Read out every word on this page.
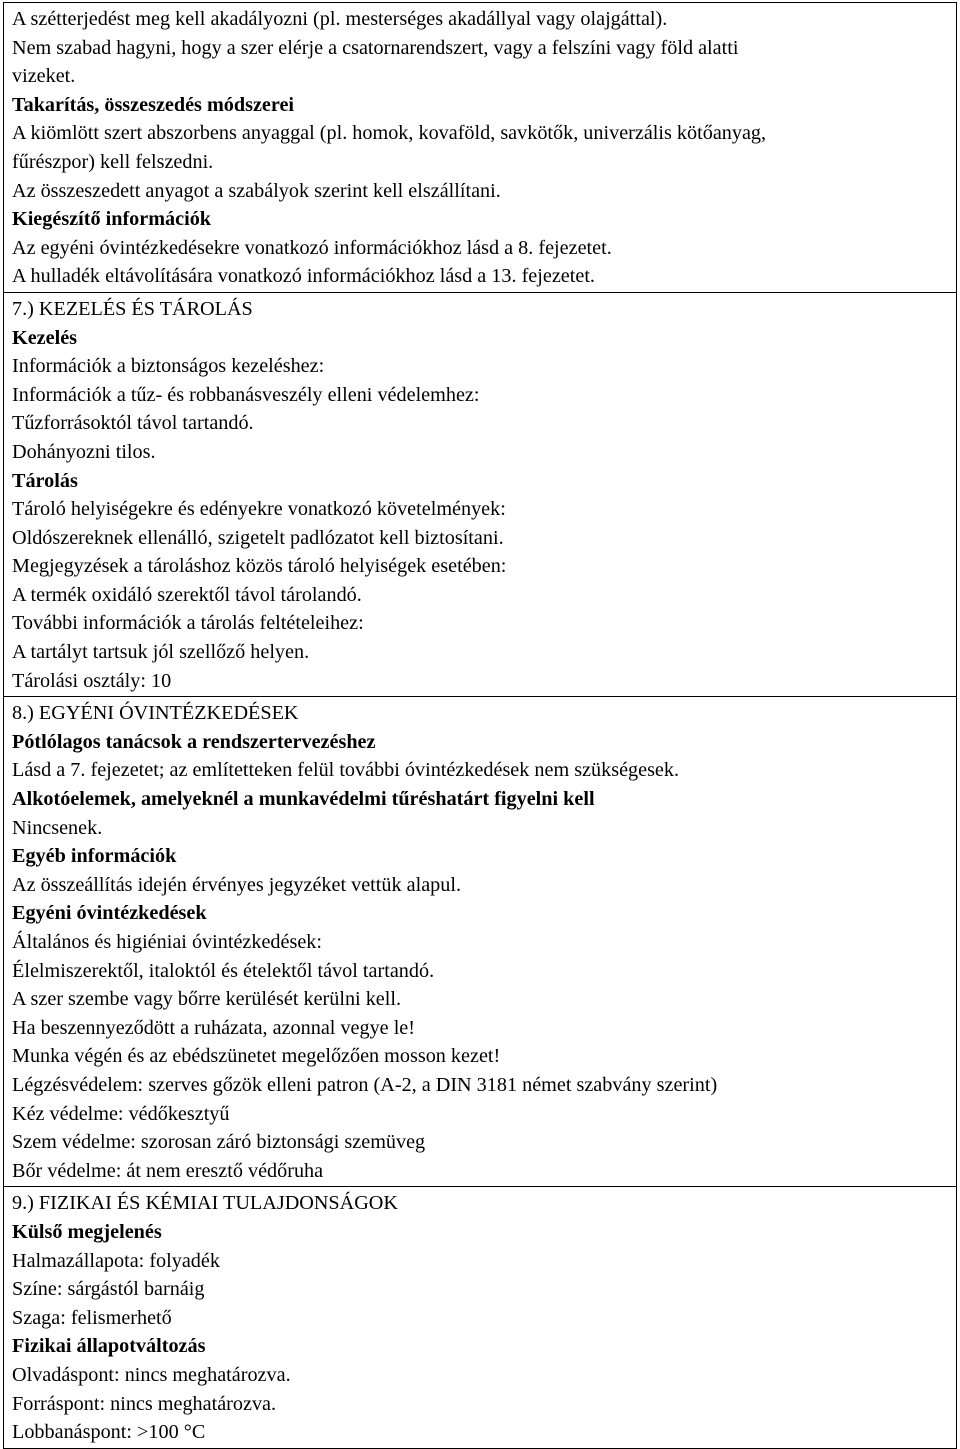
A szétterjedést meg kell akadályozni (pl. mesterséges akadállyal vagy olajgáttal).
Nem szabad hagyni, hogy a szer elérje a csatornarendszert, vagy a felszíni vagy föld alatti
vizeket.
Takarítás, összeszedés módszerei
A kiömlött szert abszorbens anyaggal (pl. homok, kovaföld, savkötők, univerzális kötőanyag,
fűrészpor) kell felszedni.
Az összeszedett anyagot a szabályok szerint kell elszállítani.
Kiegészítő információk
Az egyéni óvintézkedésekre vonatkozó információkhoz lásd a 8. fejezetet.
A hulladék eltávolítására vonatkozó információkhoz lásd a 13. fejezetet.
7.) KEZELÉS ÉS TÁROLÁS
Kezelés
Információk a biztonságos kezeléshez:
Információk a tűz- és robbanásveszély elleni védelemhez:
Tűzforrásoktól távol tartandó.
Dohányozni tilos.
Tárolás
Tároló helyiségekre és edényekre vonatkozó követelmények:
Oldószereknek ellenálló, szigetelt padlózatot kell biztosítani.
Megjegyzések a tároláshoz közös tároló helyiségek esetében:
A termék oxidáló szerektől távol tárolandó.
További információk a tárolás feltételeihez:
A tartályt tartsuk jól szellőző helyen.
Tárolási osztály: 10
8.) EGYÉNI ÓVINTÉZKEDÉSEK
Pótlólagos tanácsok a rendszertervezéshez
Lásd a 7. fejezetet; az említetteken felül további óvintézkedések nem szükségesek.
Alkotóelemek, amelyeknél a munkavédelmi tűréshatárt figyelni kell
Nincsenek.
Egyéb információk
Az összeállítás idején érvényes jegyzéket vettük alapul.
Egyéni óvintézkedések
Általános és higiéniai óvintézkedések:
Élelmiszerektől, italoktól és ételektől távol tartandó.
A szer szembe vagy bőrre kerülését kerülni kell.
Ha beszennyeződött a ruházata, azonnal vegye le!
Munka végén és az ebédszünetet megelőzően mosson kezet!
Légzésvédelem: szerves gőzök elleni patron (A-2, a DIN 3181 német szabvány szerint)
Kéz védelme: védőkesztyű
Szem védelme: szorosan záró biztonsági szemüveg
Bőr védelme: át nem eresztő védőruha
9.) FIZIKAI ÉS KÉMIAI TULAJDONSÁGOK
Külső megjelenés
Halmazállapota: folyadék
Színe: sárgástól barnáig
Szaga: felismerhető
Fizikai állapotváltozás
Olvadáspont: nincs meghatározva.
Forráspont: nincs meghatározva.
Lobbanáspont: >100 °C
